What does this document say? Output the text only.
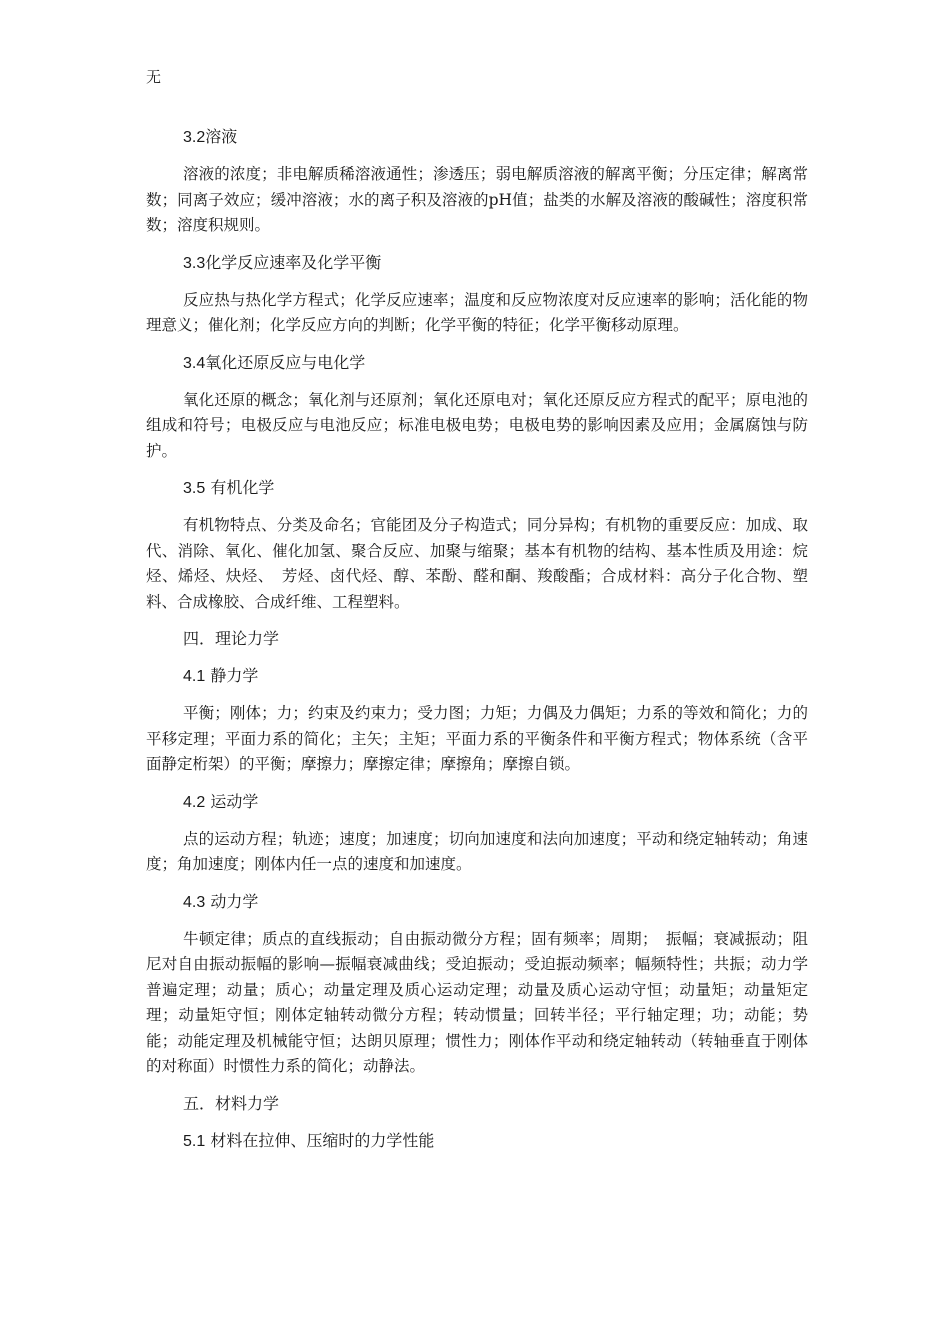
无
3.2溶液
溶液的浓度；非电解质稀溶液通性；渗透压；弱电解质溶液的解离平衡；分压定律；解离常数；同离子效应；缓冲溶液；水的离子积及溶液的pH值；盐类的水解及溶液的酸碱性；溶度积常数；溶度积规则。
3.3化学反应速率及化学平衡
反应热与热化学方程式；化学反应速率；温度和反应物浓度对反应速率的影响；活化能的物理意义；催化剂；化学反应方向的判断；化学平衡的特征；化学平衡移动原理。
3.4氧化还原反应与电化学
氧化还原的概念；氧化剂与还原剂；氧化还原电对；氧化还原反应方程式的配平；原电池的组成和符号；电极反应与电池反应；标准电极电势；电极电势的影响因素及应用；金属腐蚀与防护。
3.5 有机化学
有机物特点、分类及命名；官能团及分子构造式；同分异构；有机物的重要反应：加成、取代、消除、氧化、催化加氢、聚合反应、加聚与缩聚；基本有机物的结构、基本性质及用途：烷烃、烯烃、炔烃、　芳烃、卤代烃、醇、苯酚、醛和酮、羧酸酯；合成材料：高分子化合物、塑料、合成橡胶、合成纤维、工程塑料。
四．理论力学
4.1 静力学
平衡；刚体；力；约束及约束力；受力图；力矩；力偶及力偶矩；力系的等效和简化；力的平移定理；平面力系的简化；主矢；主矩；平面力系的平衡条件和平衡方程式；物体系统（含平面静定桁架）的平衡；摩擦力；摩擦定律；摩擦角；摩擦自锁。
4.2 运动学
点的运动方程；轨迹；速度；加速度；切向加速度和法向加速度；平动和绕定轴转动；角速度；角加速度；刚体内任一点的速度和加速度。
4.3 动力学
牛顿定律；质点的直线振动；自由振动微分方程；固有频率；周期；　振幅；衰减振动；阻尼对自由振动振幅的影响—振幅衰减曲线；受迫振动；受迫振动频率；幅频特性；共振；动力学普遍定理；动量；质心；动量定理及质心运动定理；动量及质心运动守恒；动量矩；动量矩定理；动量矩守恒；刚体定轴转动微分方程；转动惯量；回转半径；平行轴定理；功；动能；势能；动能定理及机械能守恒；达朗贝原理；惯性力；刚体作平动和绕定轴转动（转轴垂直于刚体的对称面）时惯性力系的简化；动静法。
五．材料力学
5.1 材料在拉伸、压缩时的力学性能
